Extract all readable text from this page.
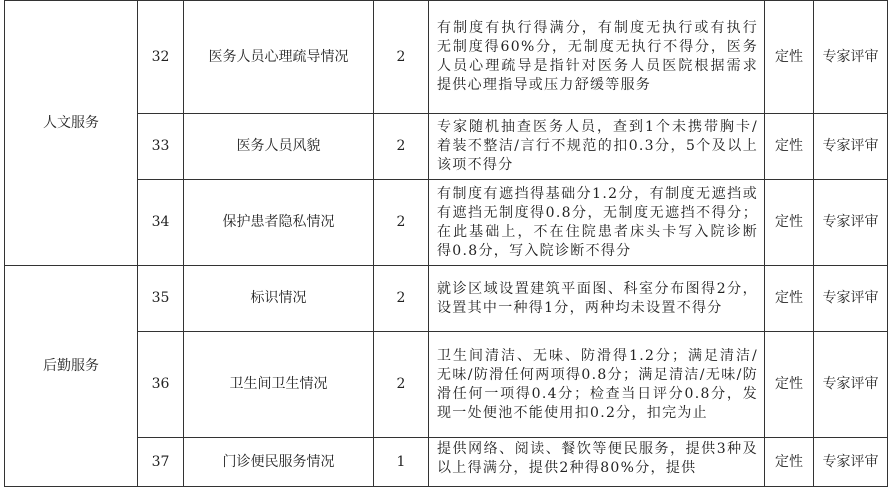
人文服务	32	医务人员心理疏导情况	2	有制度有执行得满分，有制度无执行或有执行无制度得60%分，无制度无执行不得分，医务人员心理疏导是指针对医务人员医院根据需求提供心理指导或压力舒缓等服务	定性	专家评审
	33	医务人员风貌	2	专家随机抽查医务人员，查到1个未携带胸卡/着装不整洁/言行不规范的扣0.3分，5个及以上该项不得分	定性	专家评审
	34	保护患者隐私情况	2	有制度有遮挡得基础分1.2分，有制度无遮挡或有遮挡无制度得0.8分，无制度无遮挡不得分；在此基础上，不在住院患者床头卡写入院诊断得0.8分，写入院诊断不得分	定性	专家评审
后勤服务	35	标识情况	2	就诊区域设置建筑平面图、科室分布图得2分，设置其中一种得1分，两种均未设置不得分	定性	专家评审
	36	卫生间卫生情况	2	卫生间清洁、无味、防滑得1.2分；满足清洁/无味/防滑任何两项得0.8分；满足清洁/无味/防滑任何一项得0.4分；检查当日评分0.8分，发现一处便池不能使用扣0.2分，扣完为止	定性	专家评审
	37	门诊便民服务情况	1	提供网络、阅读、餐饮等便民服务，提供3种及以上得满分，提供2种得80%分，提供	定性	专家评审
